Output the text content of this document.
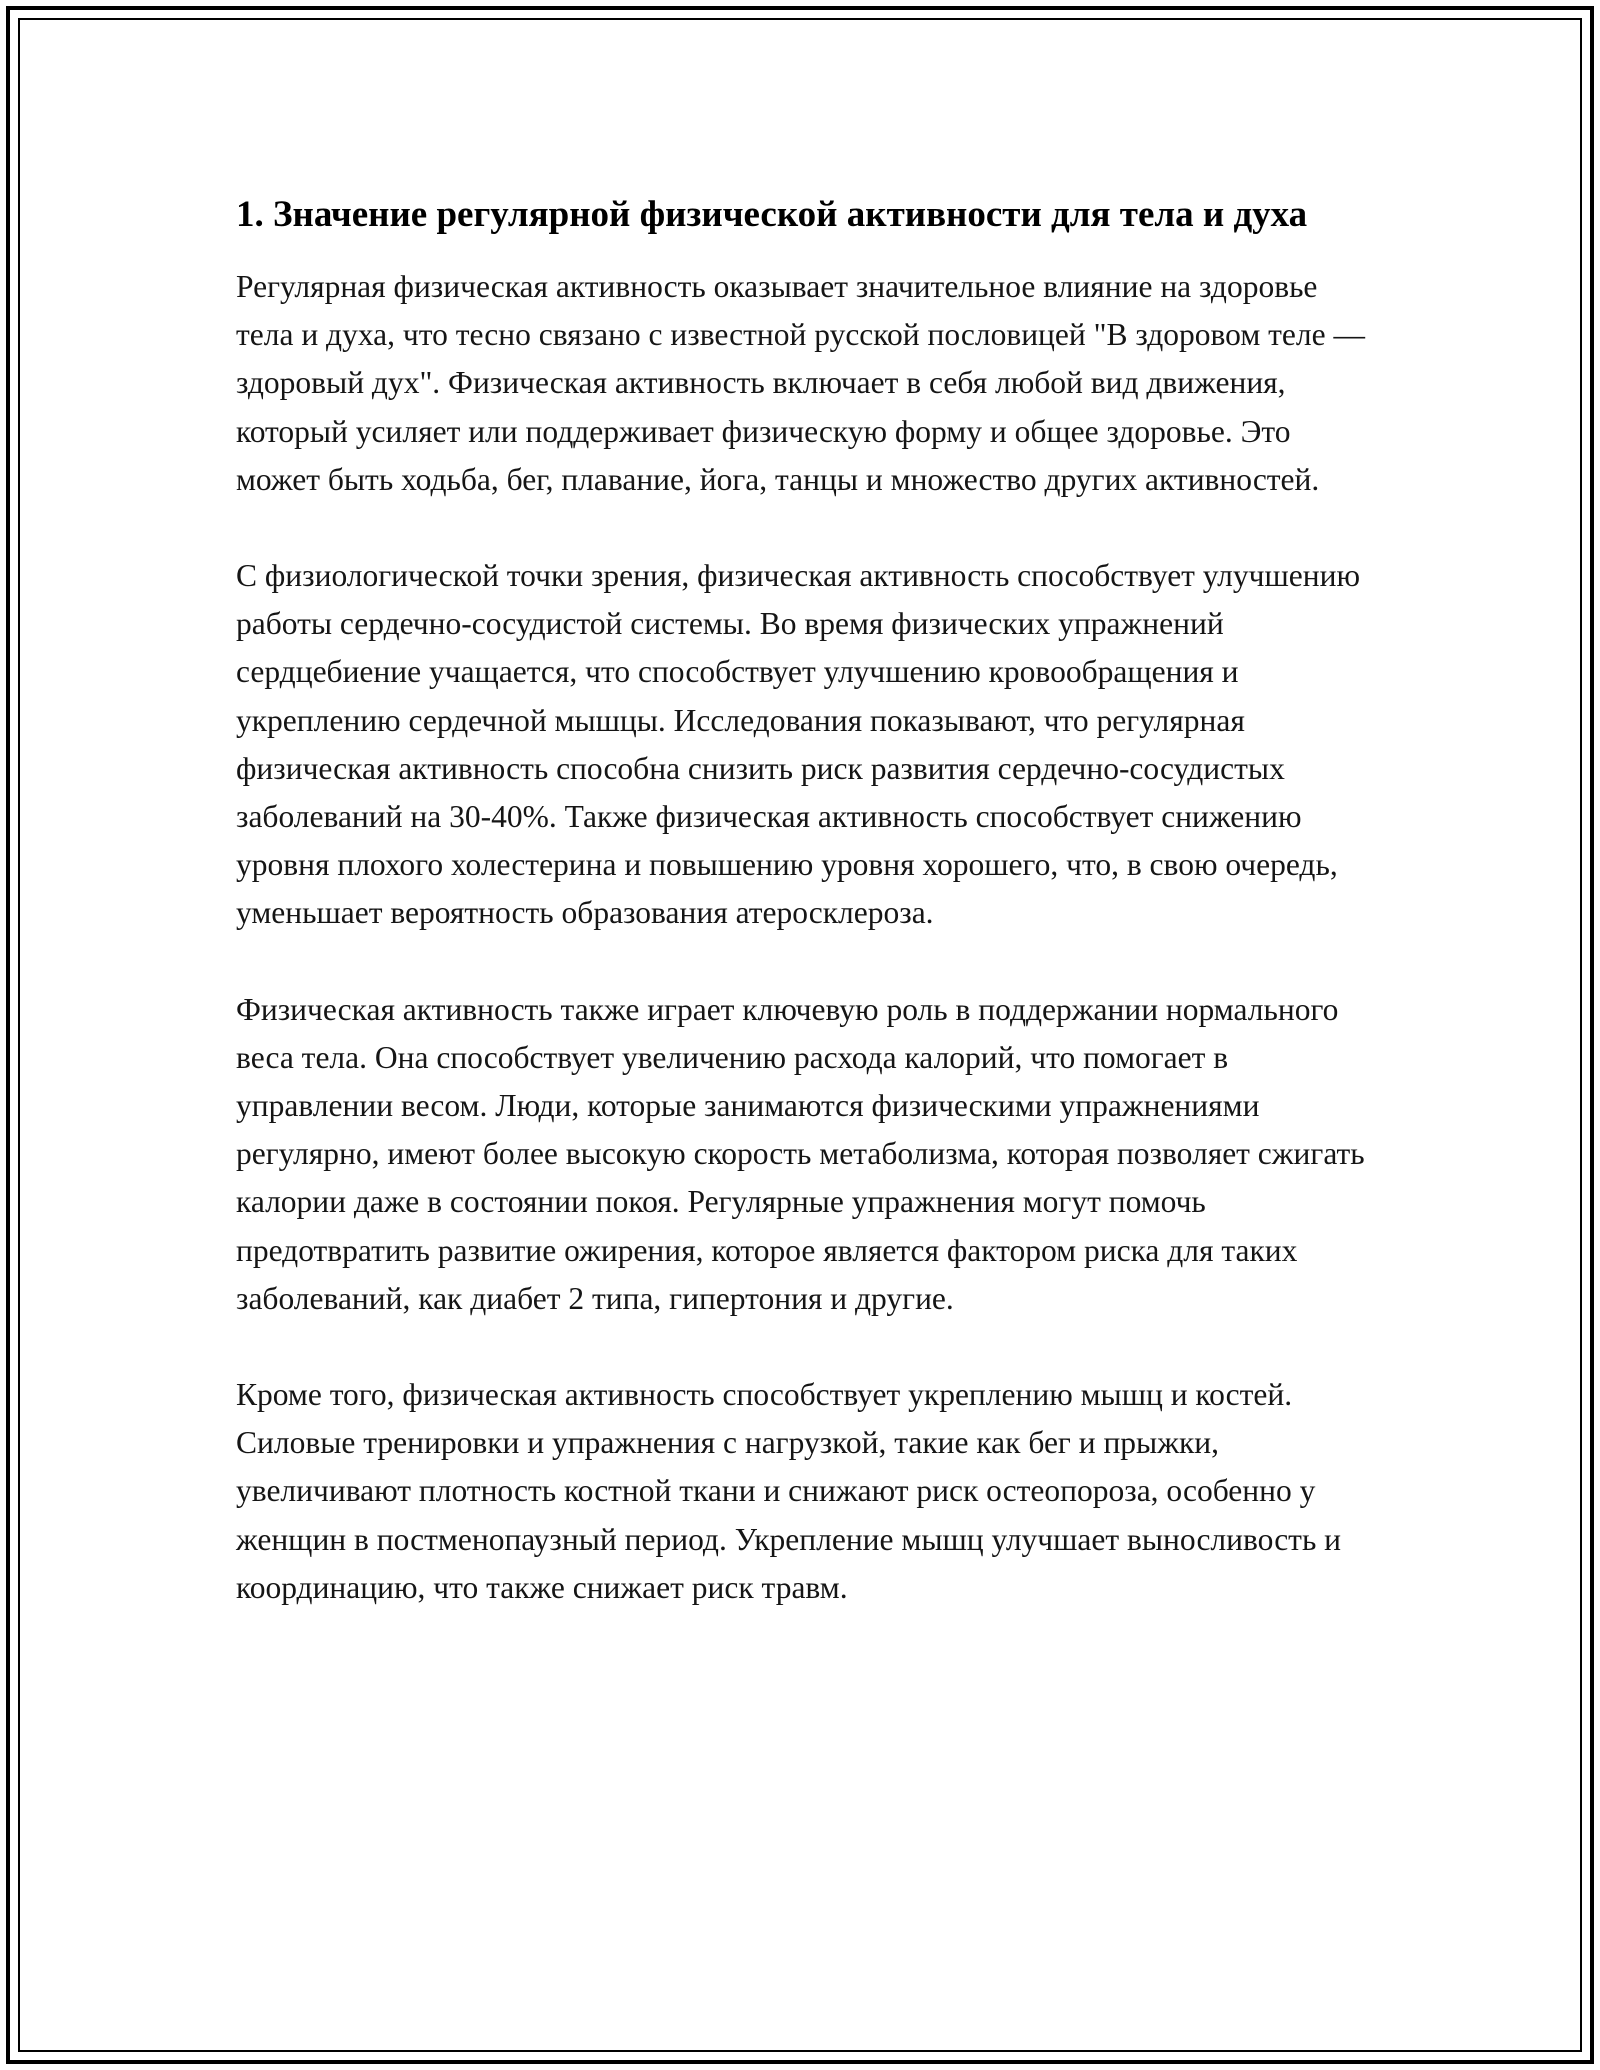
1. Значение регулярной физической активности для тела и духа

Регулярная физическая активность оказывает значительное влияние на здоровье тела и духа, что тесно связано с известной русской пословицей "В здоровом теле — здоровый дух". Физическая активность включает в себя любой вид движения, который усиляет или поддерживает физическую форму и общее здоровье. Это может быть ходьба, бег, плавание, йога, танцы и множество других активностей.

С физиологической точки зрения, физическая активность способствует улучшению работы сердечно-сосудистой системы. Во время физических упражнений сердцебиение учащается, что способствует улучшению кровообращения и укреплению сердечной мышцы. Исследования показывают, что регулярная физическая активность способна снизить риск развития сердечно-сосудистых заболеваний на 30-40%. Также физическая активность способствует снижению уровня плохого холестерина и повышению уровня хорошего, что, в свою очередь, уменьшает вероятность образования атеросклероза.

Физическая активность также играет ключевую роль в поддержании нормального веса тела. Она способствует увеличению расхода калорий, что помогает в управлении весом. Люди, которые занимаются физическими упражнениями регулярно, имеют более высокую скорость метаболизма, которая позволяет сжигать калории даже в состоянии покоя. Регулярные упражнения могут помочь предотвратить развитие ожирения, которое является фактором риска для таких заболеваний, как диабет 2 типа, гипертония и другие.

Кроме того, физическая активность способствует укреплению мышц и костей. Силовые тренировки и упражнения с нагрузкой, такие как бег и прыжки, увеличивают плотность костной ткани и снижают риск остеопороза, особенно у женщин в постменопаузный период. Укрепление мышц улучшает выносливость и координацию, что также снижает риск травм.
